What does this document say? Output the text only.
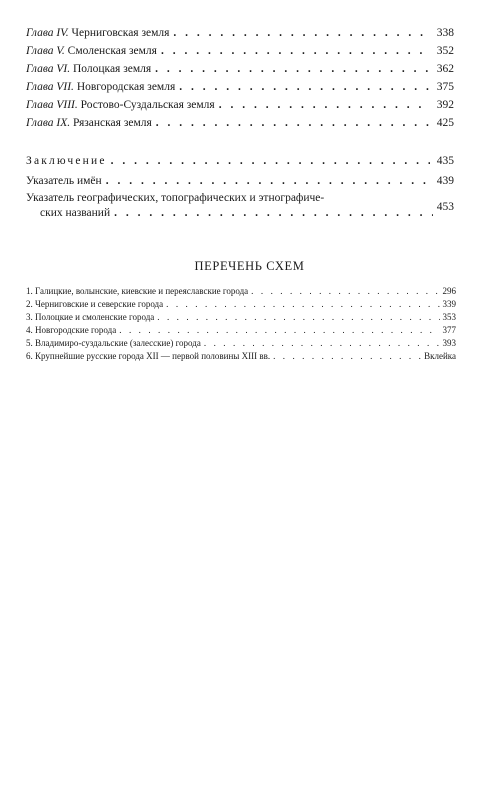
Глава IV. Черниговская земля . . .	338
Глава V. Смоленская земля . . .	352
Глава VI. Полоцкая земля . . .	362
Глава VII. Новгородская земля . . .	375
Глава VIII. Ростово-Суздальская земля . . .	392
Глава IX. Рязанская земля . . .	425
Заключение . . .	435
Указатель имён . . .	439
Указатель географических, топографических и этнографиче-
ских названий . . .	453
ПЕРЕЧЕНЬ СХЕМ
1. Галицкие, волынские, киевские и переяславские города . . .	296
2. Черниговские и северские города . . .	339
3. Полоцкие и смоленские города . . .	353
4. Новгородские города . . .	377
5. Владимиро-суздальские (залесские) города . . .	393
6. Крупнейшие русские города XII — первой половины XIII вв. . . .	Вклейка
